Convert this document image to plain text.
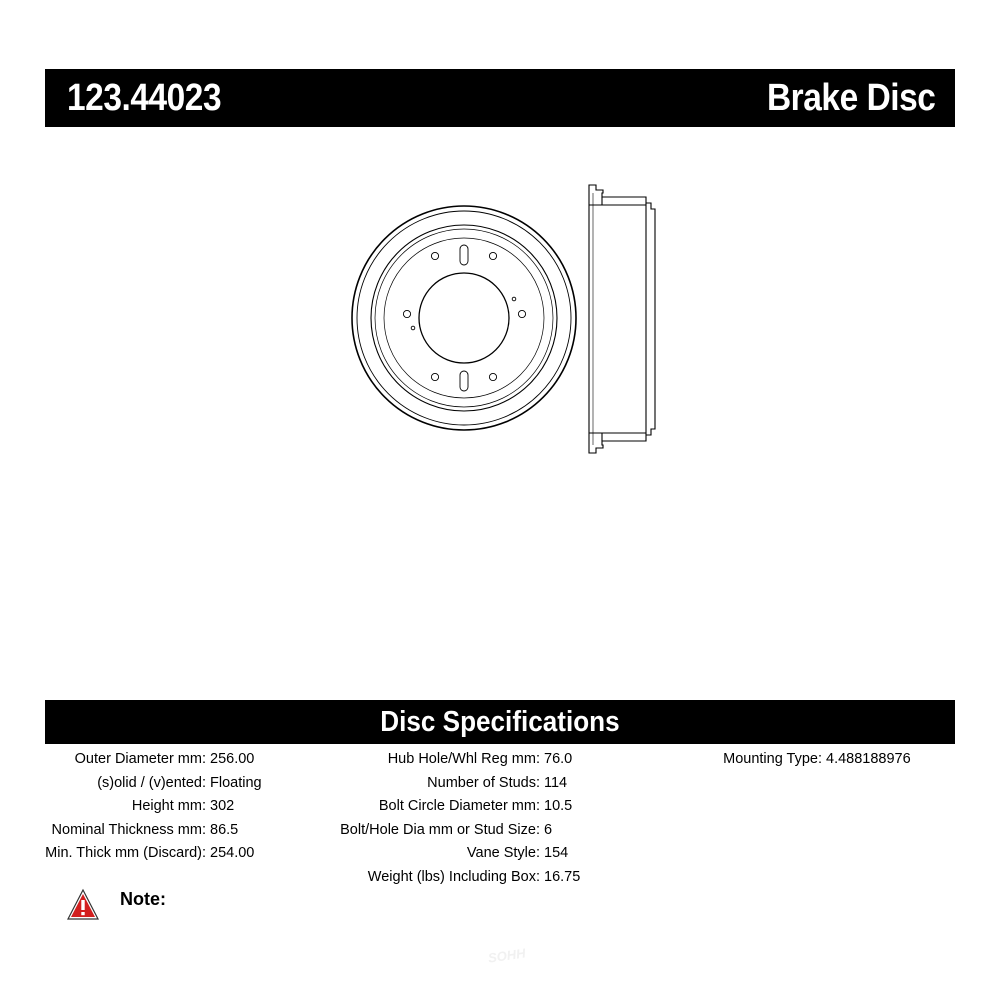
123.44023	Brake Disc
Disc Specifications
Outer Diameter mm: 256.00
(s)olid / (v)ented: Floating
Height mm: 302
Nominal Thickness mm: 86.5
Min. Thick mm (Discard): 254.00
Hub Hole/Whl Reg mm: 76.0
Number of Studs: 114
Bolt Circle Diameter mm: 10.5
Bolt/Hole Dia mm or Stud Size: 6
Vane Style: 154
Weight (lbs) Including Box: 16.75
Mounting Type: 4.488188976
Note:
SOHH
